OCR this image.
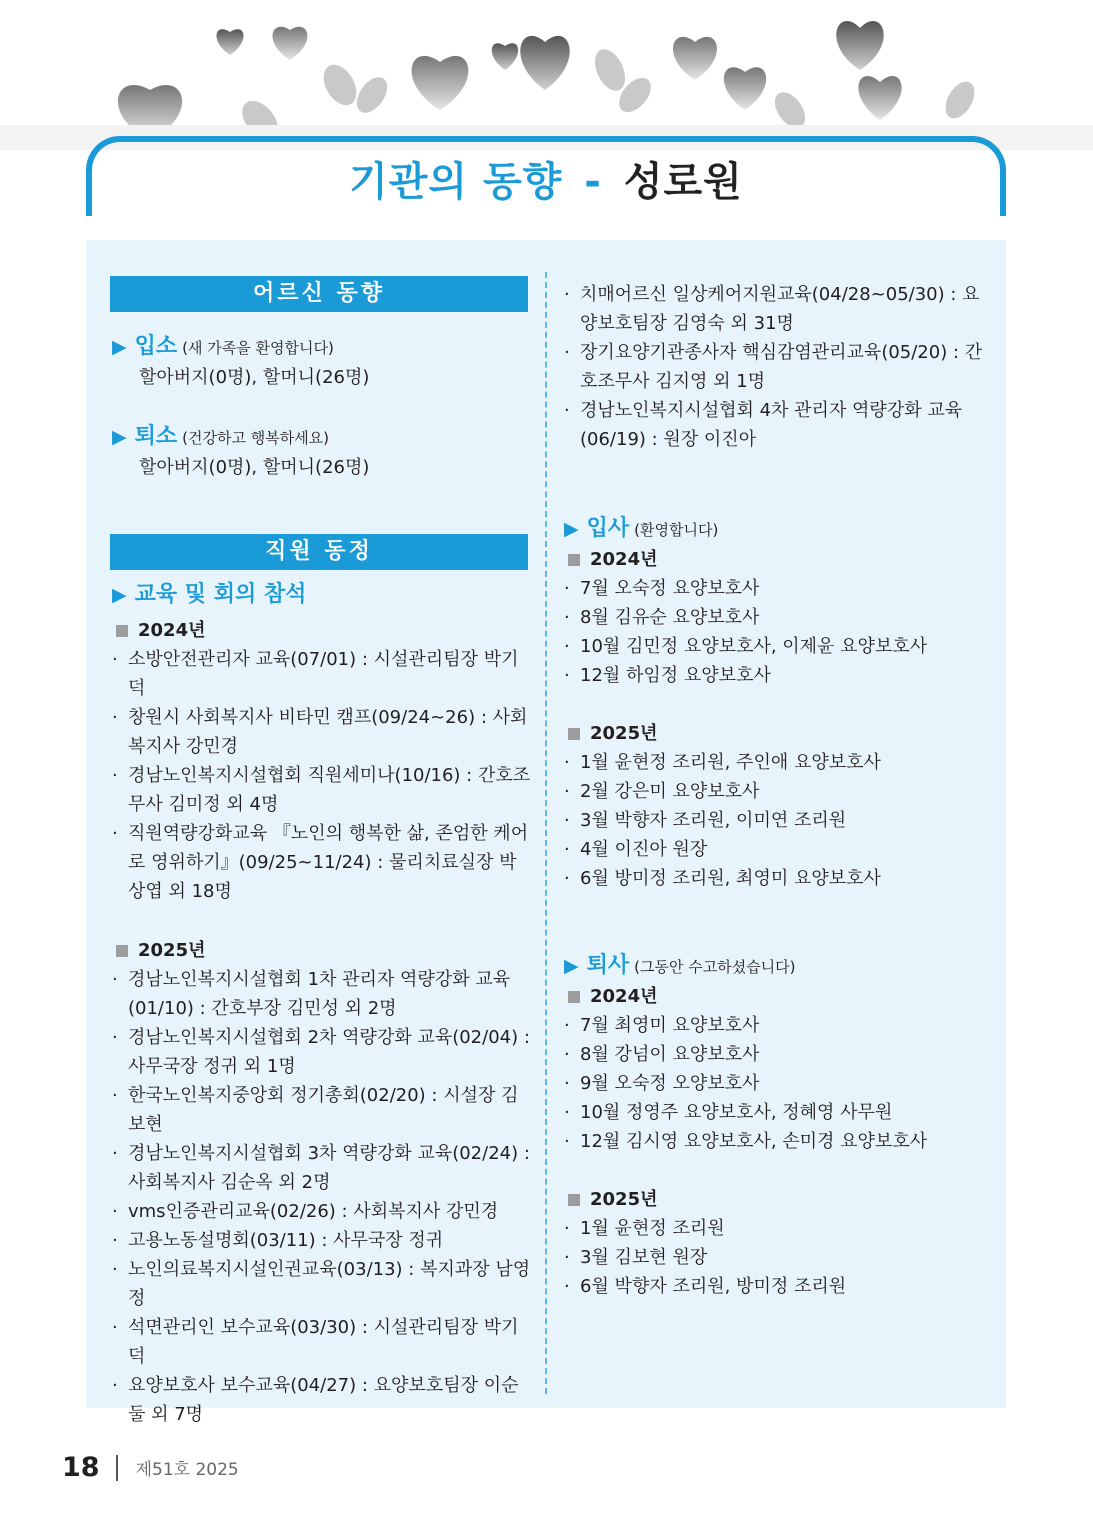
기관의 동향 - 성로원
어르신 동향
▶ 입소 (새 가족을 환영합니다)
할아버지(0명), 할머니(26명)
▶ 퇴소 (건강하고 행복하세요)
할아버지(0명), 할머니(26명)
직원 동정
▶ 교육 및 회의 참석
2024년
· 소방안전관리자 교육(07/01) : 시설관리팀장 박기덕
· 창원시 사회복지사 비타민 캠프(09/24~26) : 사회복지사 강민경
· 경남노인복지시설협회 직원세미나(10/16) : 간호조무사 김미정 외 4명
· 직원역량강화교육 『노인의 행복한 삶, 존엄한 케어로 영위하기』(09/25~11/24) : 물리치료실장 박상엽 외 18명
2025년
· 경남노인복지시설협회 1차 관리자 역량강화 교육(01/10) : 간호부장 김민성 외 2명
· 경남노인복지시설협회 2차 역량강화 교육(02/04) : 사무국장 정귀 외 1명
· 한국노인복지중앙회 정기총회(02/20) : 시설장 김보현
· 경남노인복지시설협회 3차 역량강화 교육(02/24) : 사회복지사 김순옥 외 2명
· vms인증관리교육(02/26) : 사회복지사 강민경
· 고용노동설명회(03/11) : 사무국장 정귀
· 노인의료복지시설인권교육(03/13) : 복지과장 남영정
· 석면관리인 보수교육(03/30) : 시설관리팀장 박기덕
· 요양보호사 보수교육(04/27) : 요양보호팀장 이순둘 외 7명
· 치매어르신 일상케어지원교육(04/28~05/30) : 요양보호팀장 김영숙 외 31명
· 장기요양기관종사자 핵심감염관리교육(05/20) : 간호조무사 김지영 외 1명
· 경남노인복지시설협회 4차 관리자 역량강화 교육(06/19) : 원장 이진아
▶ 입사 (환영합니다)
2024년
· 7월 오숙정 요양보호사
· 8월 김유순 요양보호사
· 10월 김민정 요양보호사, 이제윤 요양보호사
· 12월 하임정 요양보호사
2025년
· 1월 윤현정 조리원, 주인애 요양보호사
· 2월 강은미 요양보호사
· 3월 박향자 조리원, 이미연 조리원
· 4월 이진아 원장
· 6월 방미정 조리원, 최영미 요양보호사
▶ 퇴사 (그동안 수고하셨습니다)
2024년
· 7월 최영미 요양보호사
· 8월 강넘이 요양보호사
· 9월 오숙정 오양보호사
· 10월 정영주 요양보호사, 정혜영 사무원
· 12월 김시영 요양보호사, 손미경 요양보호사
2025년
· 1월 윤현정 조리원
· 3월 김보현 원장
· 6월 박향자 조리원, 방미정 조리원
18 제51호 2025
